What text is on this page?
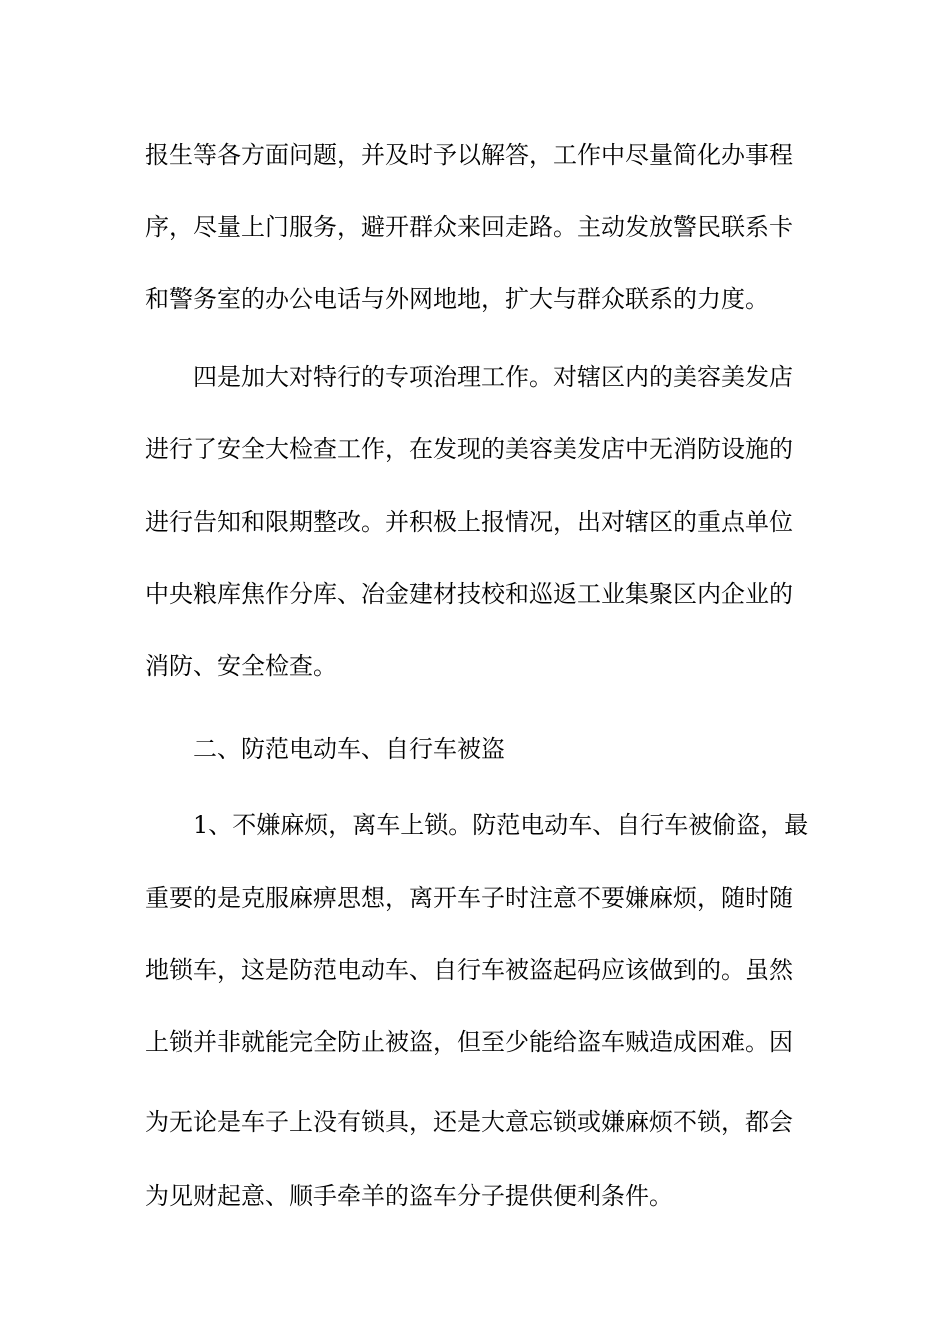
报生等各方面问题，并及时予以解答，工作中尽量简化办事程
序，尽量上门服务，避开群众来回走路。主动发放警民联系卡
和警务室的办公电话与外网地地，扩大与群众联系的力度。
四是加大对特行的专项治理工作。对辖区内的美容美发店
进行了安全大检查工作，在发现的美容美发店中无消防设施的
进行告知和限期整改。并积极上报情况，出对辖区的重点单位
中央粮库焦作分库、冶金建材技校和巡返工业集聚区内企业的
消防、安全检查。
二、防范电动车、自行车被盗
1、不嫌麻烦，离车上锁。防范电动车、自行车被偷盗，最
重要的是克服麻痹思想，离开车子时注意不要嫌麻烦，随时随
地锁车，这是防范电动车、自行车被盗起码应该做到的。虽然
上锁并非就能完全防止被盗，但至少能给盗车贼造成困难。因
为无论是车子上没有锁具，还是大意忘锁或嫌麻烦不锁，都会
为见财起意、顺手牵羊的盗车分子提供便利条件。
